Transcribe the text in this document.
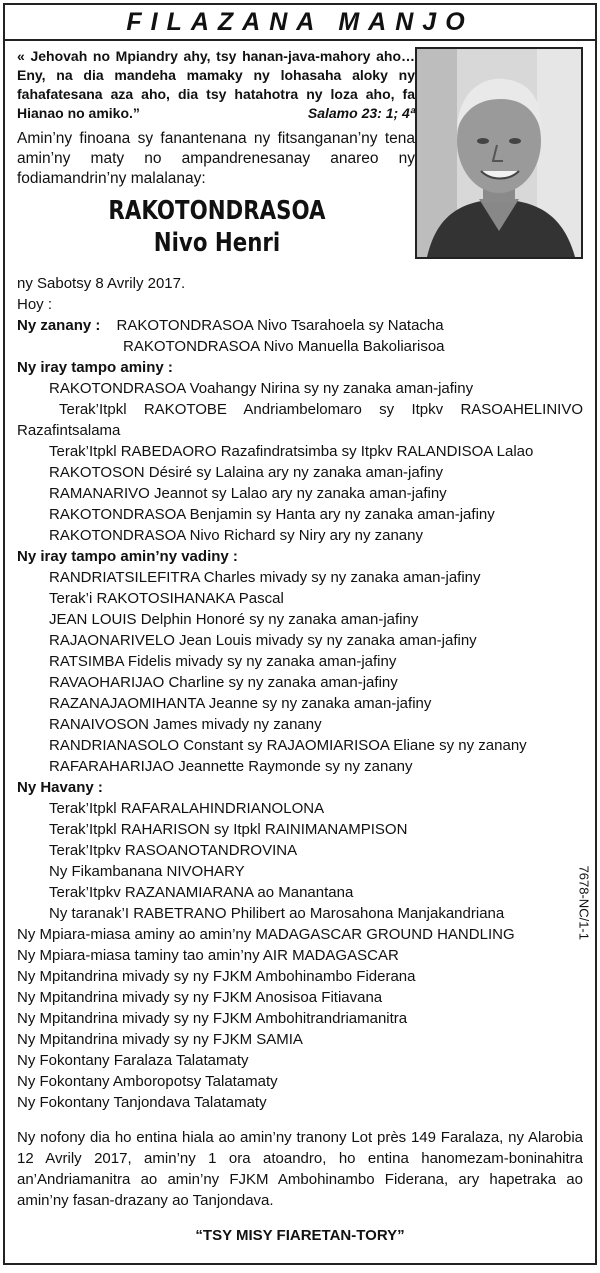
FILAZANA MANJO
« Jehovah no Mpiandry ahy, tsy hanan-java-mahory aho… Eny, na dia mandeha mamaky ny lohasaha aloky ny fahafatesana aza aho, dia tsy hatahotra ny loza aho, fa Hianao no amiko.”	Salamo 23: 1; 4ª
Amin’ny finoana sy fanantenana ny fitsanganan’ny tena amin’ny maty no ampandrenesanay anareo ny fodiamandrin’ny malalanay:
RAKOTONDRASOA
Nivo Henri
ny Sabotsy 8 Avrily 2017.
Hoy :
Ny zanany : RAKOTONDRASOA Nivo Tsarahoela sy Natacha
RAKOTONDRASOA Nivo Manuella Bakoliarisoa
Ny iray tampo aminy :
RAKOTONDRASOA Voahangy Nirina sy ny zanaka aman-jafiny
Terak’Itpkl RAKOTOBE Andriambelomaro sy Itpkv RASOAHELINIVO
Razafintsalama
Terak’Itpkl RABEDAORO Razafindratsimba sy Itpkv RALANDISOA Lalao
RAKOTOSON Désiré sy Lalaina ary ny zanaka aman-jafiny
RAMANARIVO Jeannot sy Lalao ary ny zanaka aman-jafiny
RAKOTONDRASOA Benjamin sy Hanta ary ny zanaka aman-jafiny
RAKOTONDRASOA Nivo Richard sy Niry ary ny zanany
Ny iray tampo amin’ny vadiny :
RANDRIATSILEFITRA Charles mivady sy ny zanaka aman-jafiny
Terak’i RAKOTOSIHANAKA Pascal
JEAN LOUIS Delphin Honoré sy ny zanaka aman-jafiny
RAJAONARIVELO Jean Louis mivady sy ny zanaka aman-jafiny
RATSIMBA Fidelis mivady sy ny zanaka aman-jafiny
RAVAOHARIJAO Charline sy ny zanaka aman-jafiny
RAZANAJAOMIHANTA Jeanne sy ny zanaka aman-jafiny
RANAIVOSON James mivady ny zanany
RANDRIANASOLO Constant sy RAJAOMIARISOA Eliane sy ny zanany
RAFARAHARIJAO Jeannette Raymonde sy ny zanany
Ny Havany :
Terak’Itpkl RAFARALAHINDRIANOLONA
Terak’Itpkl RAHARISON sy Itpkl RAINIMANAMPISON
Terak’Itpkv RASOANOTANDROVINA
Ny Fikambanana NIVOHARY
Terak’Itpkv RAZANAMIARANA ao Manantana
Ny taranak’I RABETRANO Philibert ao Marosahona Manjakandriana
Ny Mpiara-miasa aminy ao amin’ny MADAGASCAR GROUND HANDLING
Ny Mpiara-miasa taminy tao amin’ny AIR MADAGASCAR
Ny Mpitandrina mivady sy ny FJKM Ambohinambo Fiderana
Ny Mpitandrina mivady sy ny FJKM Anosisoa Fitiavana
Ny Mpitandrina mivady sy ny FJKM Ambohitrandriamanitra
Ny Mpitandrina mivady sy ny FJKM SAMIA
Ny Fokontany Faralaza Talatamaty
Ny Fokontany Amboropotsy Talatamaty
Ny Fokontany Tanjondava Talatamaty
Ny nofony dia ho entina hiala ao amin’ny tranony Lot près 149 Faralaza, ny Alarobia 12 Avrily 2017, amin’ny 1 ora atoandro, ho entina hanomezam-boninahitra an’Andriamanitra ao amin’ny FJKM Ambohinambo Fiderana, ary hapetraka ao amin’ny fasan-drazany ao Tanjondava.
“TSY MISY FIARETAN-TORY”
7678-NC/1-1
